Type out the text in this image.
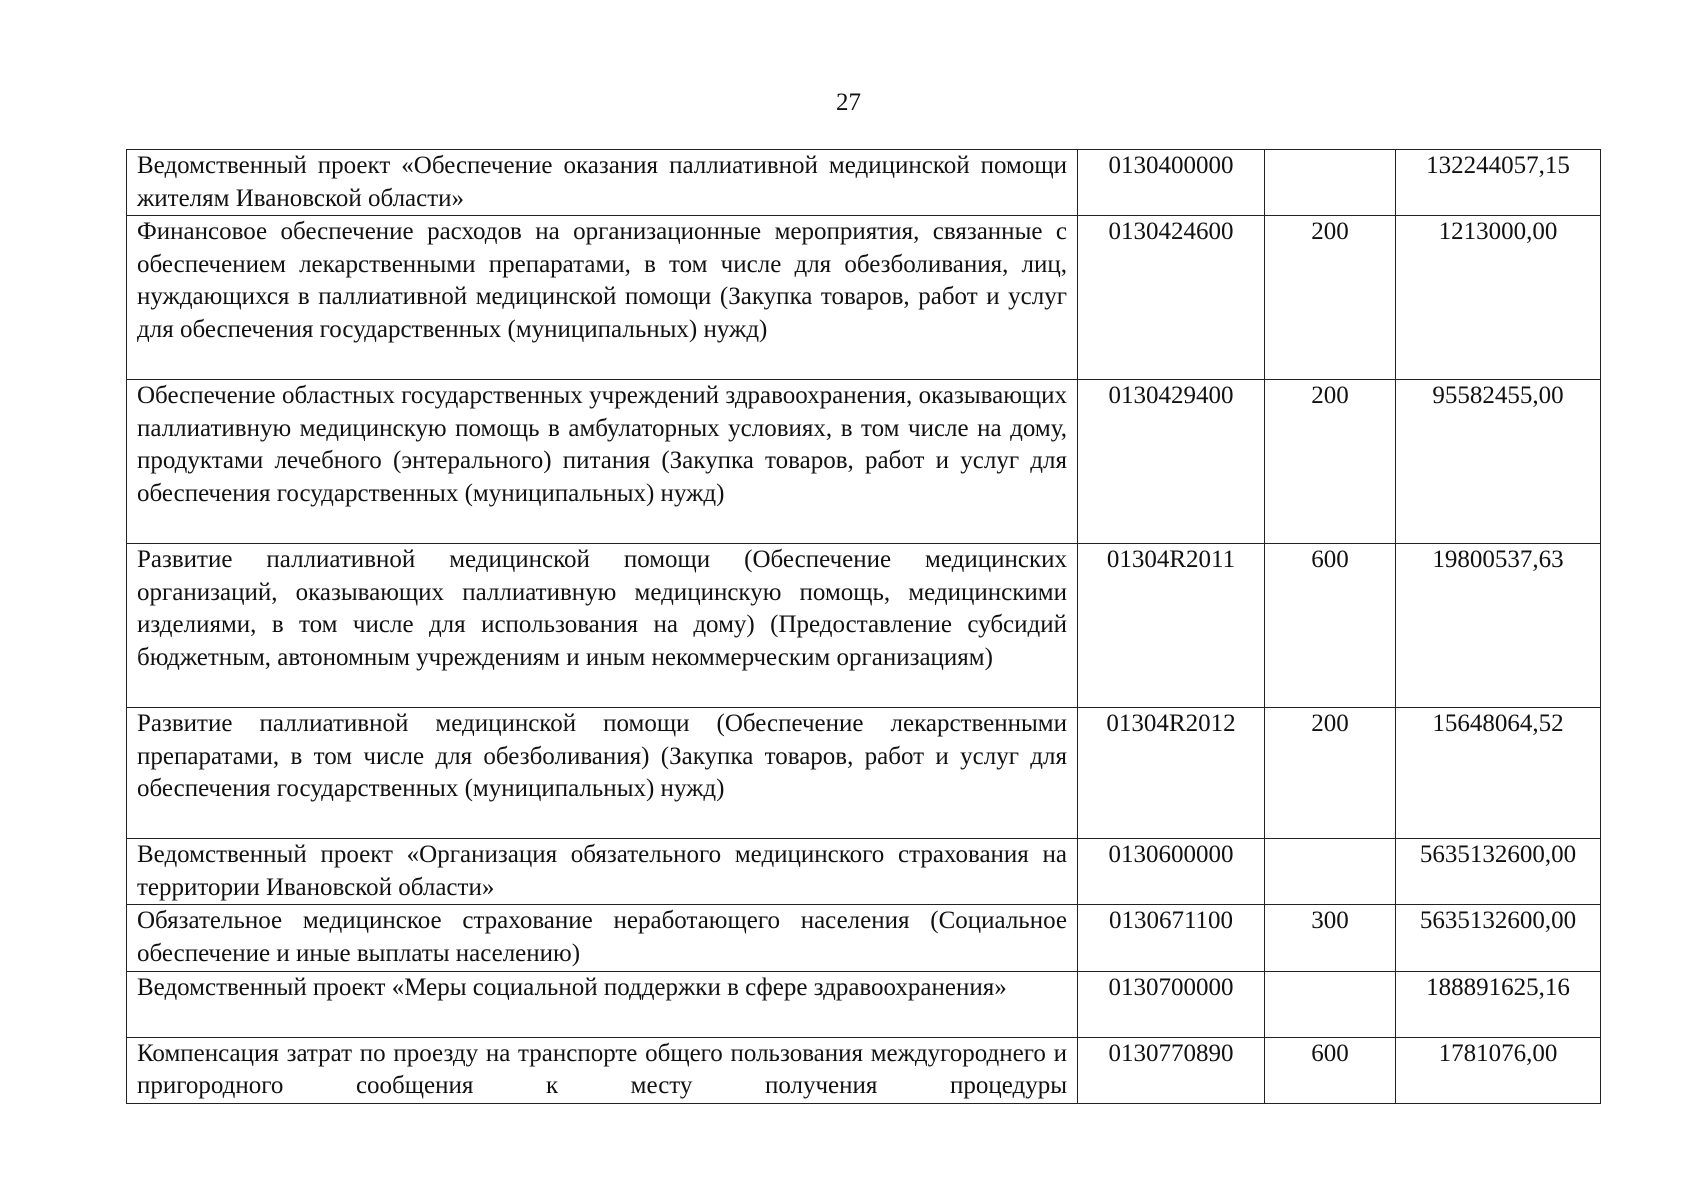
27
Ведомственный проект «Обеспечение оказания паллиативной медицинской помощи жителям Ивановской области»	0130400000		132244057,15
Финансовое обеспечение расходов на организационные мероприятия, связанные с обеспечением лекарственными препаратами, в том числе для обезболивания, лиц, нуждающихся в паллиативной медицинской помощи (Закупка товаров, работ и услуг для обеспечения государственных (муниципальных) нужд)	0130424600	200	1213000,00
Обеспечение областных государственных учреждений здравоохранения, оказывающих паллиативную медицинскую помощь в амбулаторных условиях, в том числе на дому, продуктами лечебного (энтерального) питания (Закупка товаров, работ и услуг для обеспечения государственных (муниципальных) нужд)	0130429400	200	95582455,00
Развитие паллиативной медицинской помощи (Обеспечение медицинских организаций, оказывающих паллиативную медицинскую помощь, медицинскими изделиями, в том числе для использования на дому) (Предоставление субсидий бюджетным, автономным учреждениям и иным некоммерческим организациям)	01304R2011	600	19800537,63
Развитие паллиативной медицинской помощи (Обеспечение лекарственными препаратами, в том числе для обезболивания) (Закупка товаров, работ и услуг для обеспечения государственных (муниципальных) нужд)	01304R2012	200	15648064,52
Ведомственный проект «Организация обязательного медицинского страхования на территории Ивановской области»	0130600000		5635132600,00
Обязательное медицинское страхование неработающего населения (Социальное обеспечение и иные выплаты населению)	0130671100	300	5635132600,00
Ведомственный проект «Меры социальной поддержки в сфере здравоохранения»	0130700000		188891625,16
Компенсация затрат по проезду на транспорте общего пользования междугороднего и пригородного сообщения к месту получения процедуры	0130770890	600	1781076,00
